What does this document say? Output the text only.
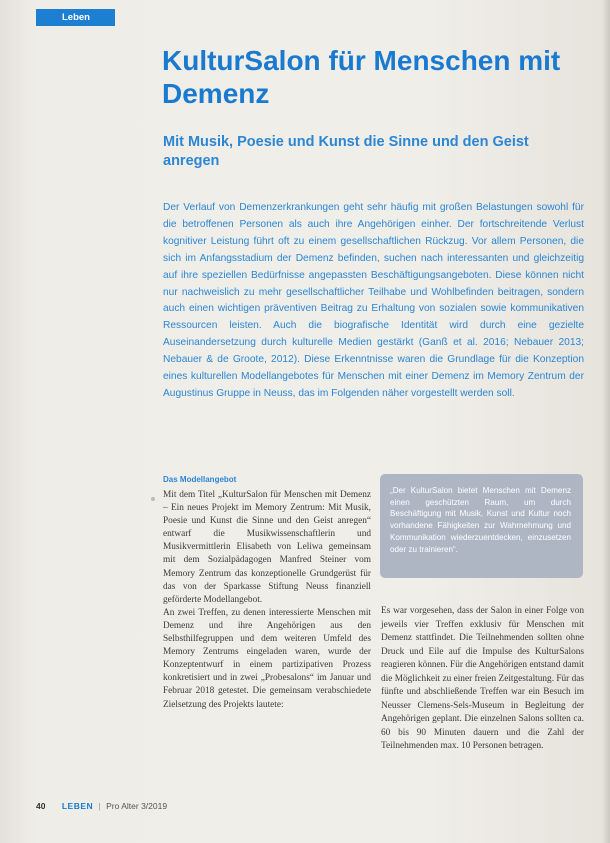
Leben
KulturSalon für Menschen mit Demenz
Mit Musik, Poesie und Kunst die Sinne und den Geist anregen

Der Verlauf von Demenzerkrankungen geht sehr häufig mit großen Belastungen sowohl für die betroffenen Personen als auch ihre Angehörigen einher. Der fortschreitende Verlust kognitiver Leistung führt oft zu einem gesellschaftlichen Rückzug. Vor allem Personen, die sich im Anfangsstadium der Demenz befinden, suchen nach interessanten und gleichzeitig auf ihre speziellen Bedürfnisse angepassten Beschäftigungsangeboten. Diese können nicht nur nachweislich zu mehr gesellschaftlicher Teilhabe und Wohlbefinden beitragen, sondern auch einen wichtigen präventiven Beitrag zu Erhaltung von sozialen sowie kommunikativen Ressourcen leisten. Auch die biografische Identität wird durch eine gezielte Auseinandersetzung durch kulturelle Medien gestärkt (Ganß et al. 2016; Nebauer 2013; Nebauer & de Groote, 2012). Diese Erkenntnisse waren die Grundlage für die Konzeption eines kulturellen Modellangebotes für Menschen mit einer Demenz im Memory Zentrum der Augustinus Gruppe in Neuss, das im Folgenden näher vorgestellt werden soll.

Das Modellangebot

Mit dem Titel „KulturSalon für Menschen mit Demenz – Ein neues Projekt im Memory Zentrum: Mit Musik, Poesie und Kunst die Sinne und den Geist anregen“ entwarf die Musikwissenschaftlerin und Musikvermittlerin Elisabeth von Leliwa gemeinsam mit dem Sozialpädagogen Manfred Steiner vom Memory Zentrum das konzeptionelle Grundgerüst für das von der Sparkasse Stiftung Neuss finanziell geförderte Modellangebot.

An zwei Treffen, zu denen interessierte Menschen mit Demenz und ihre Angehörigen aus den Selbsthilfegruppen und dem weiteren Umfeld des Memory Zentrums eingeladen waren, wurde der Konzeptentwurf in einem partizipativen Prozess konkretisiert und in zwei „Probesalons“ im Januar und Februar 2018 getestet. Die gemeinsam verabschiedete Zielsetzung des Projekts lautete:

„Der KulturSalon bietet Menschen mit Demenz einen geschützten Raum, um durch Beschäftigung mit Musik, Kunst und Kultur noch vorhandene Fähigkeiten zur Wahrnehmung und Kommunikation wiederzuentdecken, einzusetzen oder zu trainieren“.

Es war vorgesehen, dass der Salon in einer Folge von jeweils vier Treffen exklusiv für Menschen mit Demenz stattfindet. Die Teilnehmenden sollten ohne Druck und Eile auf die Impulse des KulturSalons reagieren können. Für die Angehörigen entstand damit die Möglichkeit zu einer freien Zeitgestaltung. Für das fünfte und abschließende Treffen war ein Besuch im Neusser Clemens-Sels-Museum in Begleitung der Angehörigen geplant. Die einzelnen Salons sollten ca. 60 bis 90 Minuten dauern und die Zahl der Teilnehmenden max. 10 Personen betragen.

40 LEBEN | Pro Alter 3/2019
